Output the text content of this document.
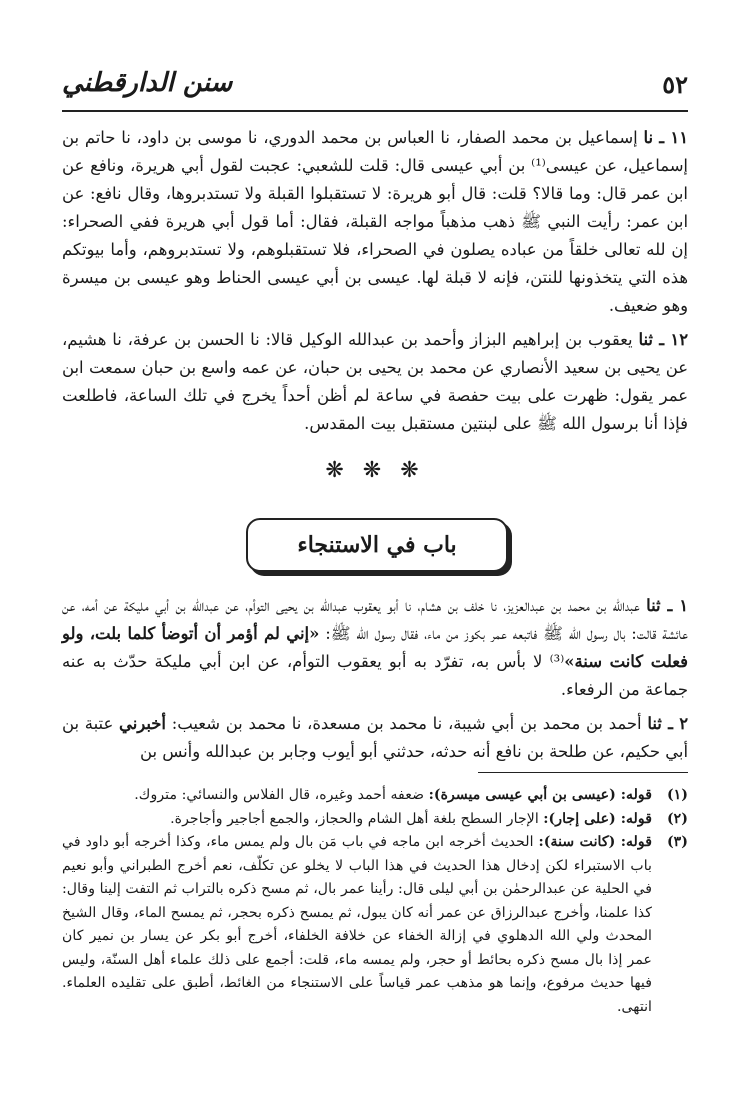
سنن الدارقطني	٥٢

١١ ـ نا إسماعيل بن محمد الصفار، نا العباس بن محمد الدوري، نا موسى بن داود، نا حاتم بن إسماعيل، عن عيسى⁽¹⁾ بن أبي عيسى قال: قلت للشعبي: عجبت لقول أبي هريرة، ونافع عن ابن عمر قال: وما قالا؟ قلت: قال أبو هريرة: لا تستقبلوا القبلة ولا تستدبروها، وقال نافع: عن ابن عمر: رأيت النبي ﷺ ذهب مذهباً مواجه القبلة، فقال: أما قول أبي هريرة ففي الصحراء: إن لله تعالى خلقاً من عباده يصلون في الصحراء، فلا تستقبلوهم، ولا تستدبروهم، وأما بيوتكم هذه التي يتخذونها للنتن، فإنه لا قبلة لها. عيسى بن أبي عيسى الحناط وهو عيسى بن ميسرة وهو ضعيف.

١٢ ـ ثنا يعقوب بن إبراهيم البزاز وأحمد بن عبدالله الوكيل قالا: نا الحسن بن عرفة، نا هشيم، عن يحيى بن سعيد الأنصاري عن محمد بن يحيى بن حبان، عن عمه واسع بن حبان سمعت ابن عمر يقول: ظهرت على بيت حفصة في ساعة لم أظن أحداً يخرج في تلك الساعة، فاطلعت فإذا أنا برسول الله ﷺ على لبنتين مستقبل بيت المقدس.

❋ ❋ ❋
باب في الاستنجاء

١ ـ ثنا عبدالله بن محمد بن عبدالعزيز، نا خلف بن هشام، نا أبو يعقوب عبدالله بن يحيى التوأم، عن عبدالله بن أبي مليكة عن أمه، عن عائشة قالت: بال رسول الله ﷺ فاتبعه عمر بكوز من ماء، فقال رسول الله ﷺ: «إني لم أؤمر أن أتوضأ كلما بلت، ولو فعلت كانت سنة»⁽³⁾ لا بأس به، تفرّد به أبو يعقوب التوأم، عن ابن أبي مليكة حدّث به عنه جماعة من الرفعاء.

٢ ـ ثنا أحمد بن محمد بن أبي شيبة، نا محمد بن مسعدة، نا محمد بن شعيب: أخبرني عتبة بن أبي حكيم، عن طلحة بن نافع أنه حدثه، حدثني أبو أيوب وجابر بن عبدالله وأنس بن

(١)
قوله: (عيسى بن أبي عيسى ميسرة): ضعفه أحمد وغيره، قال الفلاس والنسائي: متروك.
(٢)
قوله: (على إجار): الإجار السطح بلغة أهل الشام والحجاز، والجمع أجاجير وأجاجرة.
(٣)
قوله: (كانت سنة): الحديث أخرجه ابن ماجه في باب مَن بال ولم يمس ماء، وكذا أخرجه أبو داود في باب الاستبراء لكن إدخال هذا الحديث في هذا الباب لا يخلو عن تكلّف، نعم أخرج الطبراني وأبو نعيم في الحلية عن عبدالرحمٰن بن أبي ليلى قال: رأينا عمر بال، ثم مسح ذكره بالتراب ثم التفت إلينا وقال: كذا علمنا، وأخرج عبدالرزاق عن عمر أنه كان يبول، ثم يمسح ذكره بحجر، ثم يمسح الماء، وقال الشيخ المحدث ولي الله الدهلوي في إزالة الخفاء عن خلافة الخلفاء، أخرج أبو بكر عن يسار بن نمير كان عمر إذا بال مسح ذكره بحائط أو حجر، ولم يمسه ماء، قلت: أجمع على ذلك علماء أهل السنّة، وليس فيها حديث مرفوع، وإنما هو مذهب عمر قياساً على الاستنجاء من الغائط، أطبق على تقليده العلماء. انتهى.
